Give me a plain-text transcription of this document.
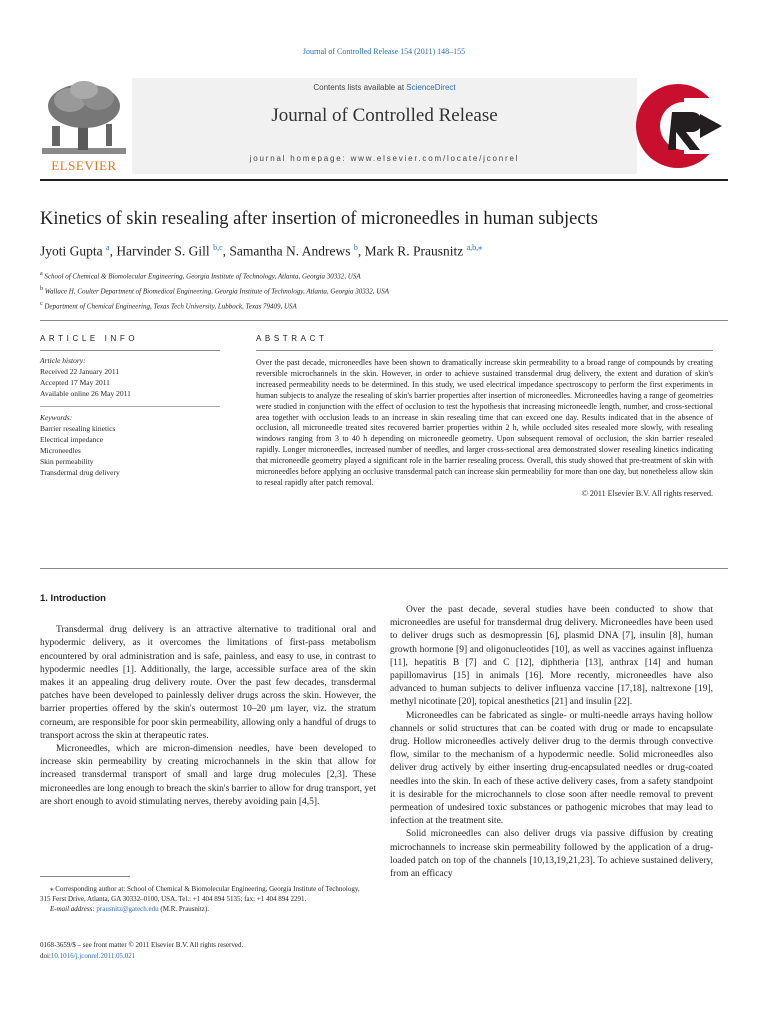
Journal of Controlled Release 154 (2011) 148–155
ELSEVIER
Contents lists available at ScienceDirect
Journal of Controlled Release
journal homepage: www.elsevier.com/locate/jconrel
Kinetics of skin resealing after insertion of microneedles in human subjects
Jyoti Gupta $^a$, Harvinder S. Gill $^{b,c}$, Samantha N. Andrews $^b$, Mark R. Prausnitz $^{a,b,⁎}$
$^a$ School of Chemical & Biomolecular Engineering, Georgia Institute of Technology, Atlanta, Georgia 30332, USA
$^b$ Wallace H. Coulter Department of Biomedical Engineering, Georgia Institute of Technology, Atlanta, Georgia 30332, USA
$^c$ Department of Chemical Engineering, Texas Tech University, Lubbock, Texas 79409, USA
ARTICLE INFO	ABSTRACT
Article history:
Received 22 January 2011
Accepted 17 May 2011
Available online 26 May 2011
Keywords:
Barrier resealing kinetics
Electrical impedance
Microneedles
Skin permeability
Transdermal drug delivery
Over the past decade, microneedles have been shown to dramatically increase skin permeability to a broad range of compounds by creating reversible microchannels in the skin. However, in order to achieve sustained transdermal drug delivery, the extent and duration of skin's increased permeability needs to be determined. In this study, we used electrical impedance spectroscopy to perform the first experiments in human subjects to analyze the resealing of skin's barrier properties after insertion of microneedles. Microneedles having a range of geometries were studied in conjunction with the effect of occlusion to test the hypothesis that increasing microneedle length, number, and cross-sectional area together with occlusion leads to an increase in skin resealing time that can exceed one day. Results indicated that in the absence of occlusion, all microneedle treated sites recovered barrier properties within 2 h, while occluded sites resealed more slowly, with resealing windows ranging from 3 to 40 h depending on microneedle geometry. Upon subsequent removal of occlusion, the skin barrier resealed rapidly. Longer microneedles, increased number of needles, and larger cross-sectional area demonstrated slower resealing kinetics indicating that microneedle geometry played a significant role in the barrier resealing process. Overall, this study showed that pre-treatment of skin with microneedles before applying an occlusive transdermal patch can increase skin permeability for more than one day, but nonetheless allow skin to reseal rapidly after patch removal.
© 2011 Elsevier B.V. All rights reserved.
1. Introduction

Transdermal drug delivery is an attractive alternative to traditional oral and hypodermic delivery, as it overcomes the limitations of first-pass metabolism encountered by oral administration and is safe, painless, and easy to use, in contrast to hypodermic needles [1]. Additionally, the large, accessible surface area of the skin makes it an appealing drug delivery route. Over the past few decades, transdermal patches have been developed to painlessly deliver drugs across the skin. However, the barrier properties offered by the skin's outermost 10–20 μm layer, viz. the stratum corneum, are responsible for poor skin permeability, allowing only a handful of drugs to transport across the skin at therapeutic rates.

Microneedles, which are micron-dimension needles, have been developed to increase skin permeability by creating microchannels in the skin that allow for increased transdermal transport of small and large drug molecules [2,3]. These microneedles are long enough to breach the skin's barrier to allow for drug transport, yet are short enough to avoid stimulating nerves, thereby avoiding pain [4,5].

Over the past decade, several studies have been conducted to show that microneedles are useful for transdermal drug delivery. Microneedles have been used to deliver drugs such as desmopressin [6], plasmid DNA [7], insulin [8], human growth hormone [9] and oligonucleotides [10], as well as vaccines against influenza [11], hepatitis B [7] and C [12], diphtheria [13], anthrax [14] and human papillomavirus [15] in animals [16]. More recently, microneedles have also advanced to human subjects to deliver influenza vaccine [17,18], naltrexone [19], methyl nicotinate [20], topical anesthetics [21] and insulin [22].

Microneedles can be fabricated as single- or multi-needle arrays having hollow channels or solid structures that can be coated with drug or made to encapsulate drug. Hollow microneedles actively deliver drug to the dermis through convective flow, similar to the mechanism of a hypodermic needle. Solid microneedles also deliver drug actively by either inserting drug-encapsulated needles or drug-coated needles into the skin. In each of these active delivery cases, from a safety standpoint it is desirable for the microchannels to close soon after needle removal to prevent permeation of undesired toxic substances or pathogenic microbes that may lead to infection at the treatment site.

Solid microneedles can also deliver drugs via passive diffusion by creating microchannels to increase skin permeability followed by the application of a drug-loaded patch on top of the channels [10,13,19,21,23]. To achieve sustained delivery, from an efficacy

⁎ Corresponding author at: School of Chemical & Biomolecular Engineering, Georgia Institute of Technology, 315 Ferst Drive, Atlanta, GA 30332–0100, USA. Tel.: +1 404 894 5135; fax: +1 404 894 2291.
E-mail address: prausnitz@gatech.edu (M.R. Prausnitz).
0168-3659/$ – see front matter © 2011 Elsevier B.V. All rights reserved.
doi:10.1016/j.jconrel.2011.05.021
